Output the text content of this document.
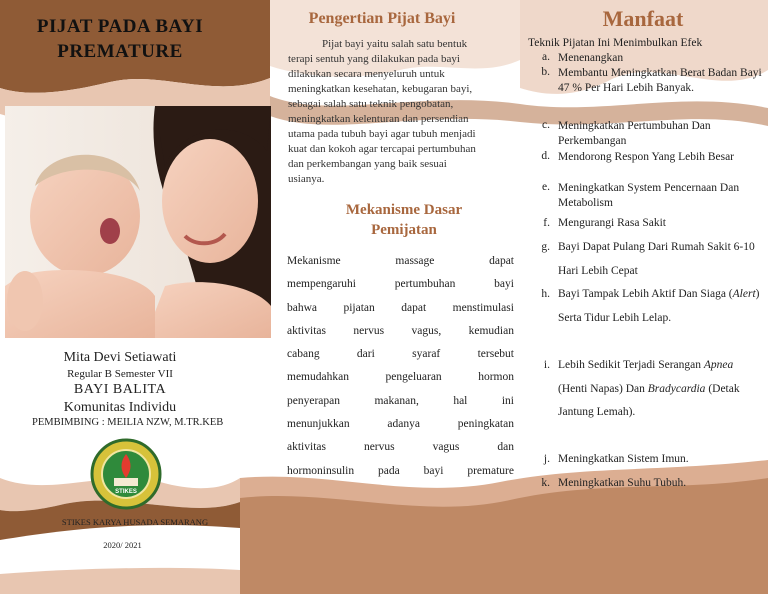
PIJAT PADA BAYI
PREMATURE
Mita Devi Setiawati
Regular B Semester VII
BAYI BALITA
Komunitas Individu
PEMBIMBING : MEILIA NZW, M.TR.KEB
STIKES
STIKES KARYA HUSADA SEMARANG
2020/ 2021
Pengertian Pijat Bayi
Pijat bayi yaitu salah satu bentuk
terapi sentuh yang dilakukan pada bayi
dilakukan secara menyeluruh untuk
meningkatkan kesehatan, kebugaran bayi,
sebagai salah satu teknik pengobatan,
meningkatkan kelenturan dan persendian
utama pada tubuh bayi agar tubuh menjadi
kuat dan kokoh agar tercapai pertumbuhan
dan perkembangan yang baik sesuai
usianya.
Mekanisme Dasar
Pemijatan
Mekanisme	massage	dapat
mempengaruhi	pertumbuhan	bayi
bahwa pijatan dapat menstimulasi
aktivitas nervus vagus, kemudian
cabang	dari	syaraf	tersebut
memudahkan	pengeluaran	hormon
penyerapan	makanan,	hal	ini
menunjukkan	adanya	peningkatan
aktivitas	nervus	vagus	dan
hormoninsulin pada bayi premature
Manfaat
Teknik Pijatan Ini Menimbulkan Efek
a. Menenangkan
b. Membantu Meningkatkan Berat Badan Bayi 47 % Per Hari Lebih Banyak.
c. Meningkatkan Pertumbuhan Dan Perkembangan
d. Mendorong Respon Yang Lebih Besar
e. Meningkatkan System Pencernaan Dan Metabolism
f. Mengurangi Rasa Sakit
g. Bayi Dapat Pulang Dari Rumah Sakit 6-10 Hari Lebih Cepat
h. Bayi Tampak Lebih Aktif Dan Siaga (Alert) Serta Tidur Lebih Lelap.
i. Lebih Sedikit Terjadi Serangan Apnea (Henti Napas) Dan Bradycardia (Detak Jantung Lemah).
j. Meningkatkan Sistem Imun.
k. Meningkatkan Suhu Tubuh.
